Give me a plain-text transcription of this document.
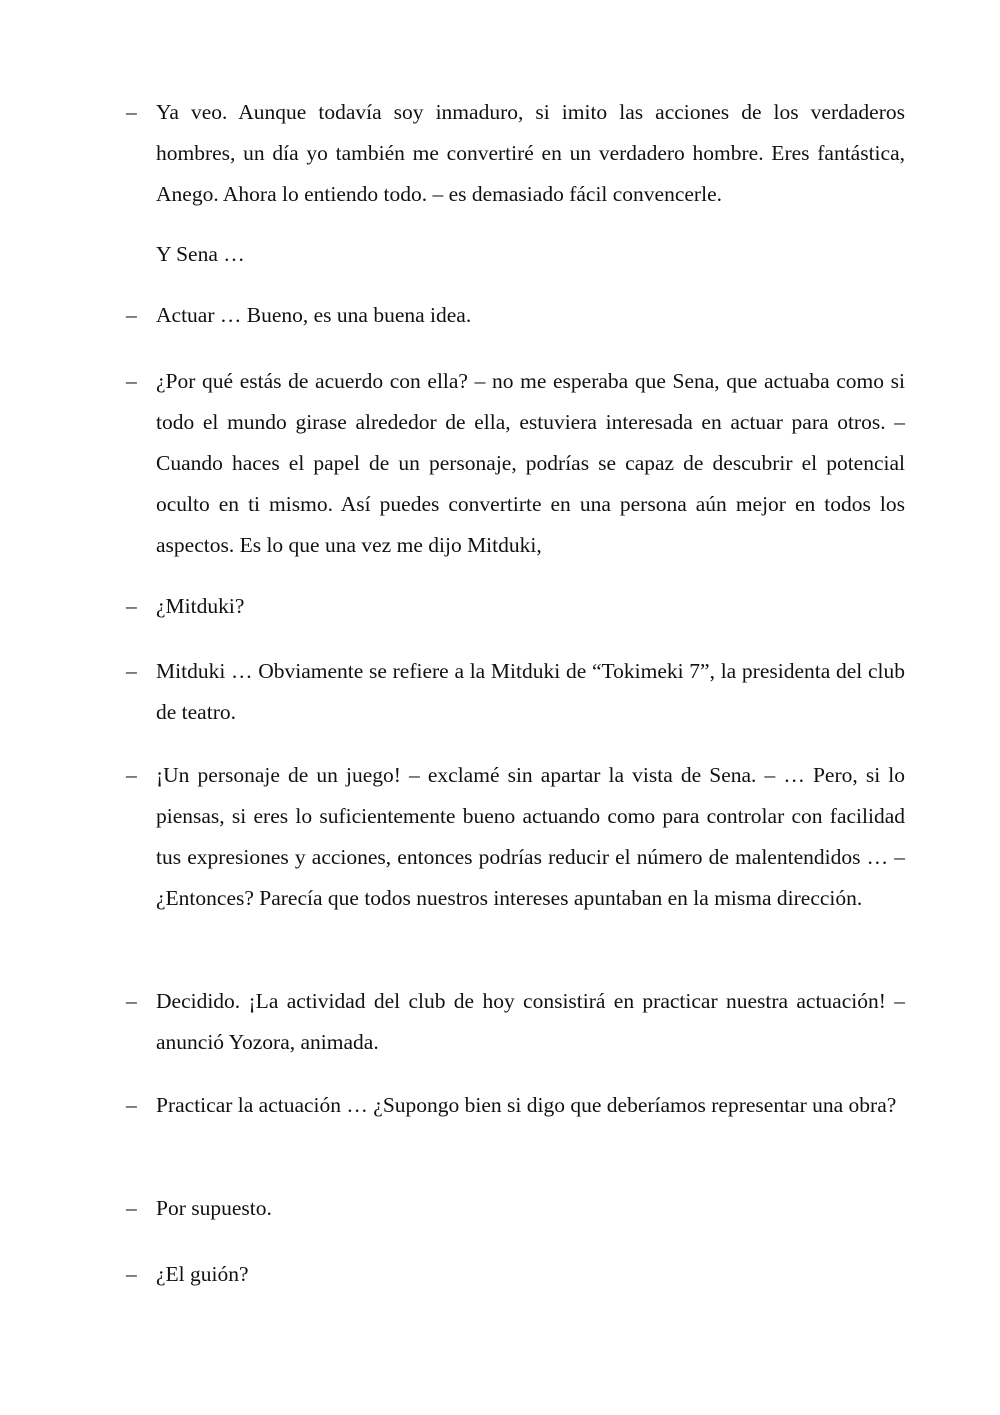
– Ya veo. Aunque todavía soy inmaduro, si imito las acciones de los verdaderos hombres, un día yo también me convertiré en un verdadero hombre. Eres fantástica, Anego. Ahora lo entiendo todo. – es demasiado fácil convencerle.

Y Sena …

– Actuar … Bueno, es una buena idea.

– ¿Por qué estás de acuerdo con ella? – no me esperaba que Sena, que actuaba como si todo el mundo girase alrededor de ella, estuviera interesada en actuar para otros. – Cuando haces el papel de un personaje, podrías se capaz de descubrir el potencial oculto en ti mismo. Así puedes convertirte en una persona aún mejor en todos los aspectos. Es lo que una vez me dijo Mitduki,

– ¿Mitduki?

– Mitduki … Obviamente se refiere a la Mitduki de “Tokimeki 7”, la presidenta del club de teatro.

– ¡Un personaje de un juego! – exclamé sin apartar la vista de Sena. – … Pero, si lo piensas, si eres lo suficientemente bueno actuando como para controlar con facilidad tus expresiones y acciones, entonces podrías reducir el número de malentendidos … – ¿Entonces? Parecía que todos nuestros intereses apuntaban en la misma dirección.

– Decidido. ¡La actividad del club de hoy consistirá en practicar nuestra actuación! – anunció Yozora, animada.

– Practicar la actuación … ¿Supongo bien si digo que deberíamos representar una obra?

– Por supuesto.

– ¿El guión?
